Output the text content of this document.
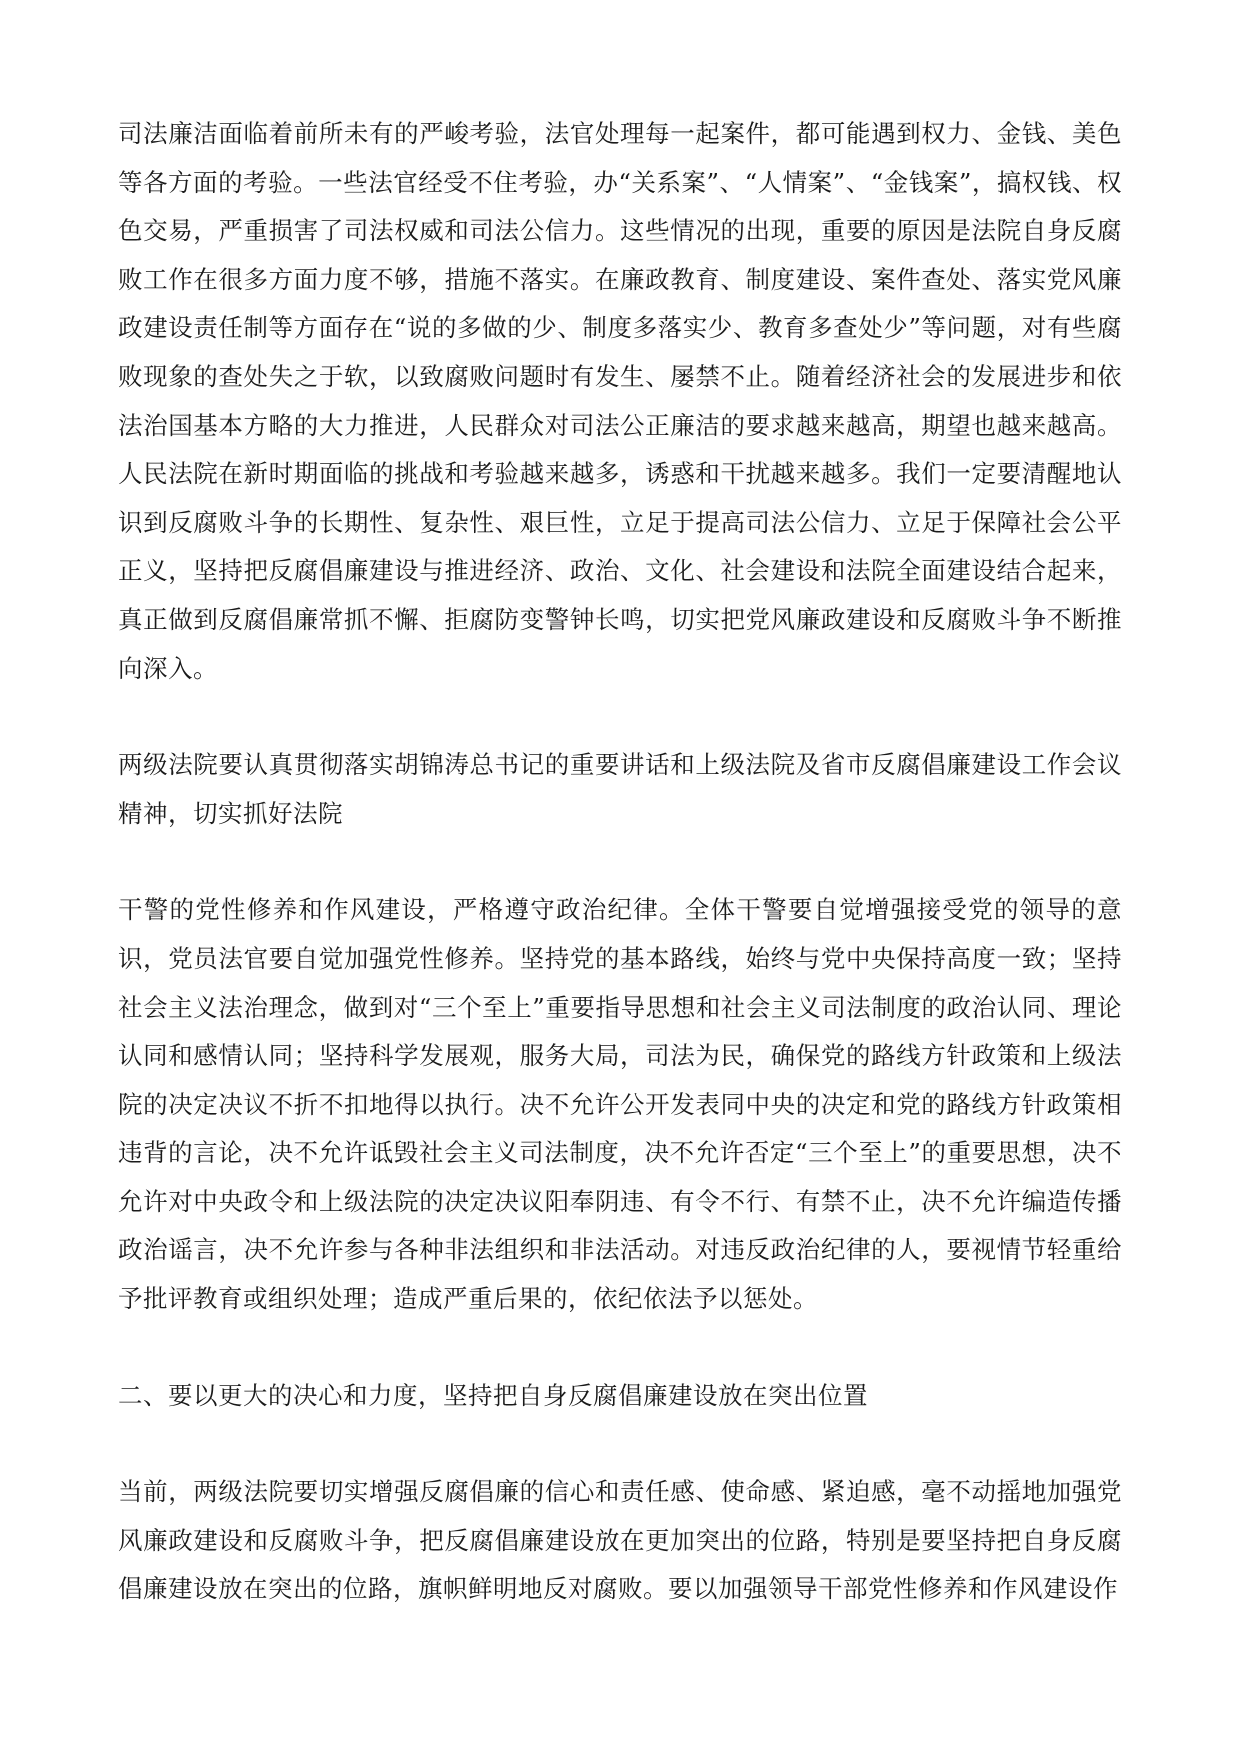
司法廉洁面临着前所未有的严峻考验，法官处理每一起案件，都可能遇到权力、金钱、美色等各方面的考验。一些法官经受不住考验，办“关系案”、“人情案”、“金钱案”，搞权钱、权色交易，严重损害了司法权威和司法公信力。这些情况的出现，重要的原因是法院自身反腐败工作在很多方面力度不够，措施不落实。在廉政教育、制度建设、案件查处、落实党风廉政建设责任制等方面存在“说的多做的少、制度多落实少、教育多查处少”等问题，对有些腐败现象的查处失之于软，以致腐败问题时有发生、屡禁不止。随着经济社会的发展进步和依法治国基本方略的大力推进，人民群众对司法公正廉洁的要求越来越高，期望也越来越高。人民法院在新时期面临的挑战和考验越来越多，诱惑和干扰越来越多。我们一定要清醒地认识到反腐败斗争的长期性、复杂性、艰巨性，立足于提高司法公信力、立足于保障社会公平正义，坚持把反腐倡廉建设与推进经济、政治、文化、社会建设和法院全面建设结合起来，真正做到反腐倡廉常抓不懈、拒腐防变警钟长鸣，切实把党风廉政建设和反腐败斗争不断推向深入。

两级法院要认真贯彻落实胡锦涛总书记的重要讲话和上级法院及省市反腐倡廉建设工作会议精神，切实抓好法院

干警的党性修养和作风建设，严格遵守政治纪律。全体干警要自觉增强接受党的领导的意识，党员法官要自觉加强党性修养。坚持党的基本路线，始终与党中央保持高度一致；坚持社会主义法治理念，做到对“三个至上”重要指导思想和社会主义司法制度的政治认同、理论认同和感情认同；坚持科学发展观，服务大局，司法为民，确保党的路线方针政策和上级法院的决定决议不折不扣地得以执行。决不允许公开发表同中央的决定和党的路线方针政策相违背的言论，决不允许诋毁社会主义司法制度，决不允许否定“三个至上”的重要思想，决不允许对中央政令和上级法院的决定决议阳奉阴违、有令不行、有禁不止，决不允许编造传播政治谣言，决不允许参与各种非法组织和非法活动。对违反政治纪律的人，要视情节轻重给予批评教育或组织处理；造成严重后果的，依纪依法予以惩处。

二、要以更大的决心和力度，坚持把自身反腐倡廉建设放在突出位置

当前，两级法院要切实增强反腐倡廉的信心和责任感、使命感、紧迫感，毫不动摇地加强党风廉政建设和反腐败斗争，把反腐倡廉建设放在更加突出的位路，特别是要坚持把自身反腐倡廉建设放在突出的位路，旗帜鲜明地反对腐败。要以加强领导干部党性修养和作风建设作
